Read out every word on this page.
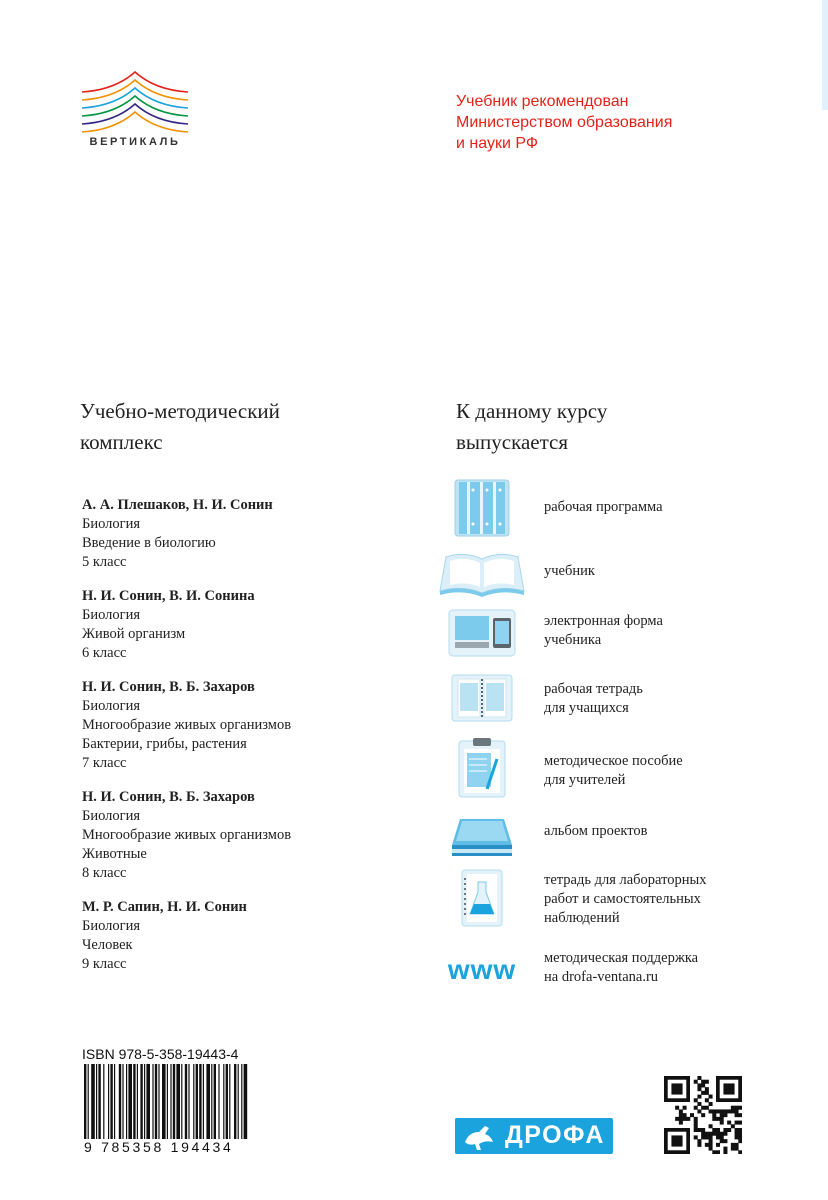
ВЕРТИКАЛЬ
Учебник рекомендован
Министерством образования
и науки РФ
Учебно-методический
комплекс
К данному курсу
выпускается
А. А. Плешаков, Н. И. Сонин
Биология
Введение в биологию
5 класс
Н. И. Сонин, В. И. Сонина
Биология
Живой организм
6 класс
Н. И. Сонин, В. Б. Захаров
Биология
Многообразие живых организмов
Бактерии, грибы, растения
7 класс
Н. И. Сонин, В. Б. Захаров
Биология
Многообразие живых организмов
Животные
8 класс
М. Р. Сапин, Н. И. Сонин
Биология
Человек
9 класс
рабочая программа
учебник
электронная форма
учебника
рабочая тетрадь
для учащихся
методическое пособие
для учителей
альбом проектов
тетрадь для лабораторных
работ и самостоятельных
наблюдений
www методическая поддержка
на drofa-ventana.ru
ISBN 978-5-358-19443-4
9 785358 194434	ДРОФА
